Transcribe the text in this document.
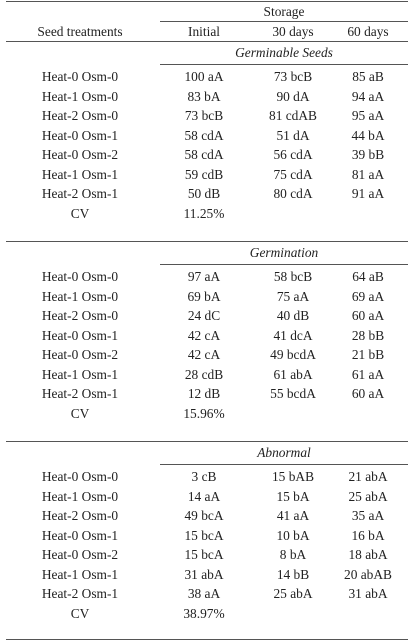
Storage
Seed treatments	Initial	30 days	60 days
Germinable Seeds
Heat-0 Osm-0	100 aA	73 bcB	85 aB
Heat-1 Osm-0	83 bA	90 dA	94 aA
Heat-2 Osm-0	73 bcB	81 cdAB	95 aA
Heat-0 Osm-1	58 cdA	51 dA	44 bA
Heat-0 Osm-2	58 cdA	56 cdA	39 bB
Heat-1 Osm-1	59 cdB	75 cdA	81 aA
Heat-2 Osm-1	50 dB	80 cdA	91 aA
CV	11.25%
Germination
Heat-0 Osm-0	97 aA	58 bcB	64 aB
Heat-1 Osm-0	69 bA	75 aA	69 aA
Heat-2 Osm-0	24 dC	40 dB	60 aA
Heat-0 Osm-1	42 cA	41 dcA	28 bB
Heat-0 Osm-2	42 cA	49 bcdA	21 bB
Heat-1 Osm-1	28 cdB	61 abA	61 aA
Heat-2 Osm-1	12 dB	55 bcdA	60 aA
CV	15.96%
Abnormal
Heat-0 Osm-0	3 cB	15 bAB	21 abA
Heat-1 Osm-0	14 aA	15 bA	25 abA
Heat-2 Osm-0	49 bcA	41 aA	35 aA
Heat-0 Osm-1	15 bcA	10 bA	16 bA
Heat-0 Osm-2	15 bcA	8 bA	18 abA
Heat-1 Osm-1	31 abA	14 bB	20 abAB
Heat-2 Osm-1	38 aA	25 abA	31 abA
CV	38.97%
